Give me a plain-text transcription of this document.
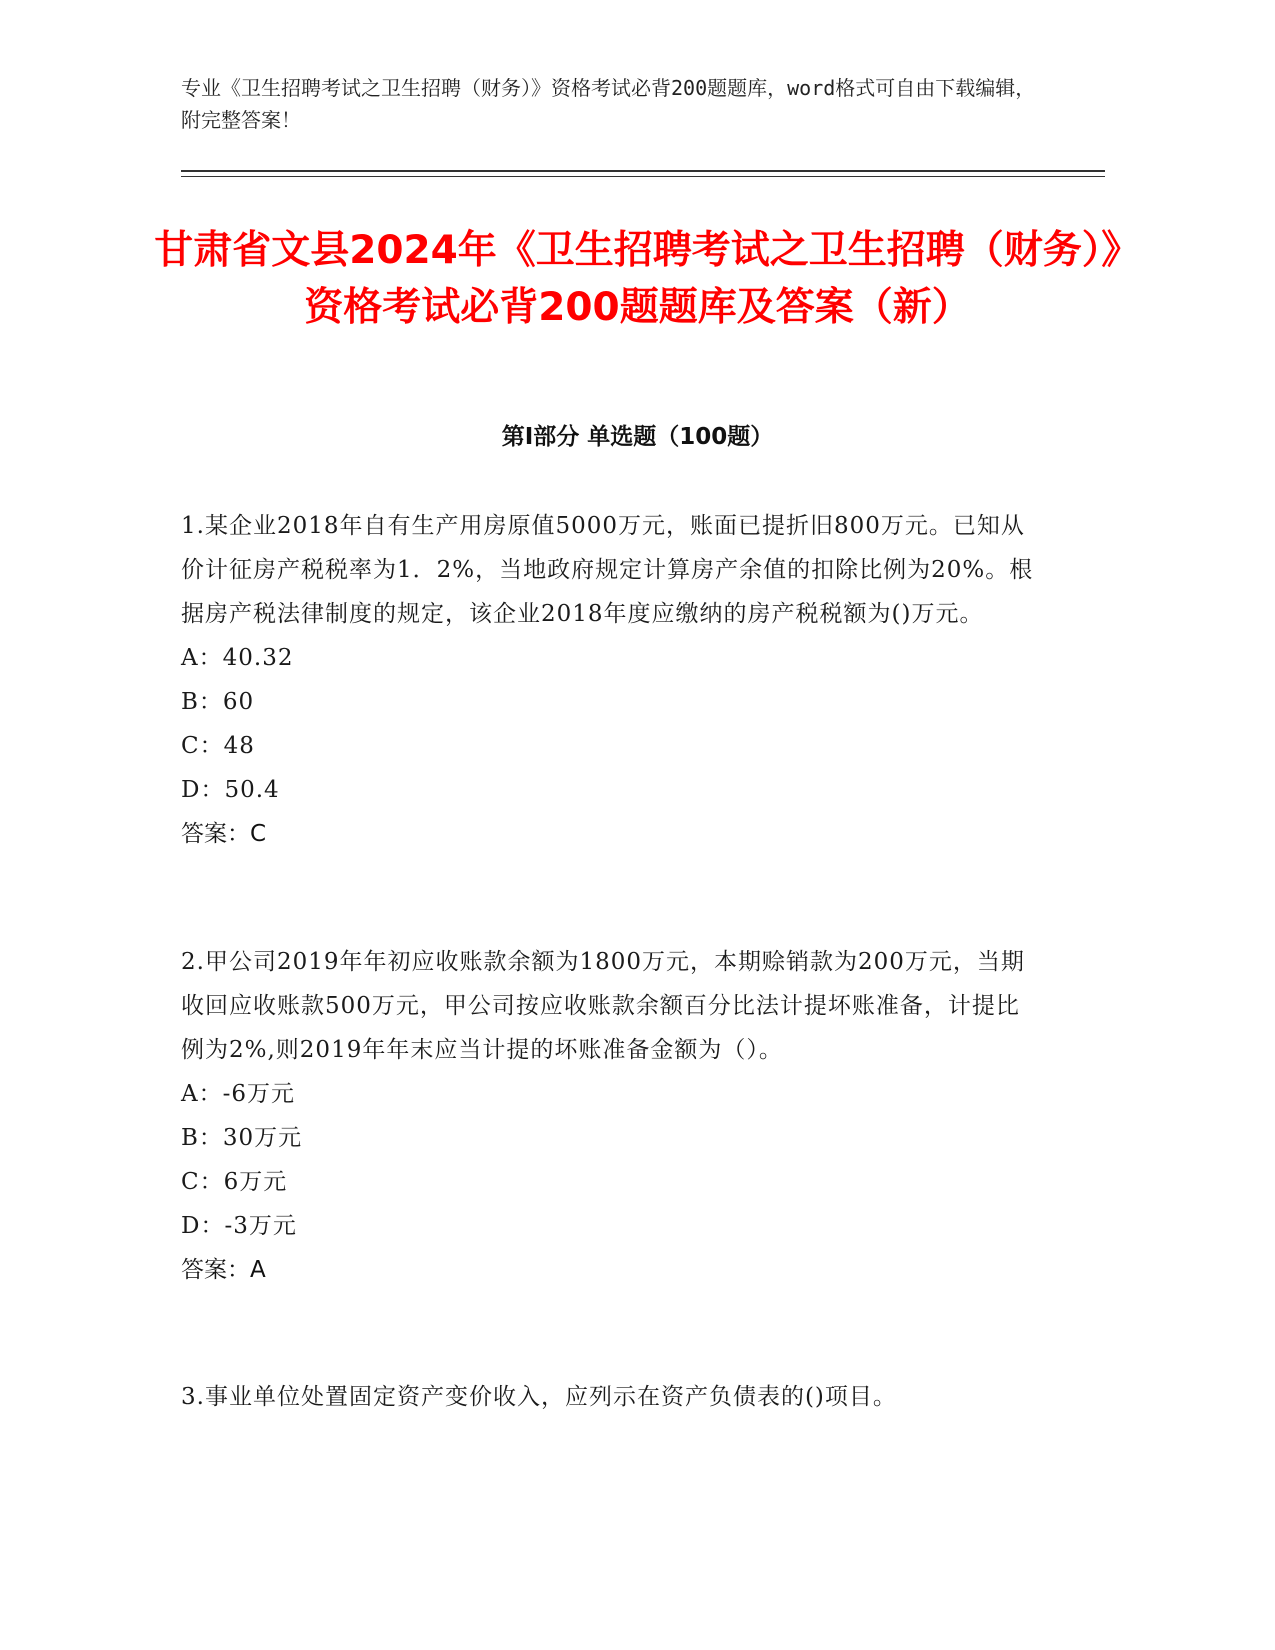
专业《卫生招聘考试之卫生招聘（财务）》资格考试必背200题题库，word格式可自由下载编辑，附完整答案！
甘肃省文县2024年《卫生招聘考试之卫生招聘（财务）》资格考试必背200题题库及答案（新）
第I部分 单选题（100题）

1.某企业2018年自有生产用房原值5000万元，账面已提折旧800万元。已知从价计征房产税税率为1．2%，当地政府规定计算房产余值的扣除比例为20%。根据房产税法律制度的规定，该企业2018年度应缴纳的房产税税额为()万元。

A：40.32

B：60

C：48

D：50.4

答案：C

2.甲公司2019年年初应收账款余额为1800万元，本期赊销款为200万元，当期收回应收账款500万元，甲公司按应收账款余额百分比法计提坏账准备，计提比例为2%,则2019年年末应当计提的坏账准备金额为（）。

A：-6万元

B：30万元

C：6万元

D：-3万元

答案：A

3.事业单位处置固定资产变价收入，应列示在资产负债表的()项目。
